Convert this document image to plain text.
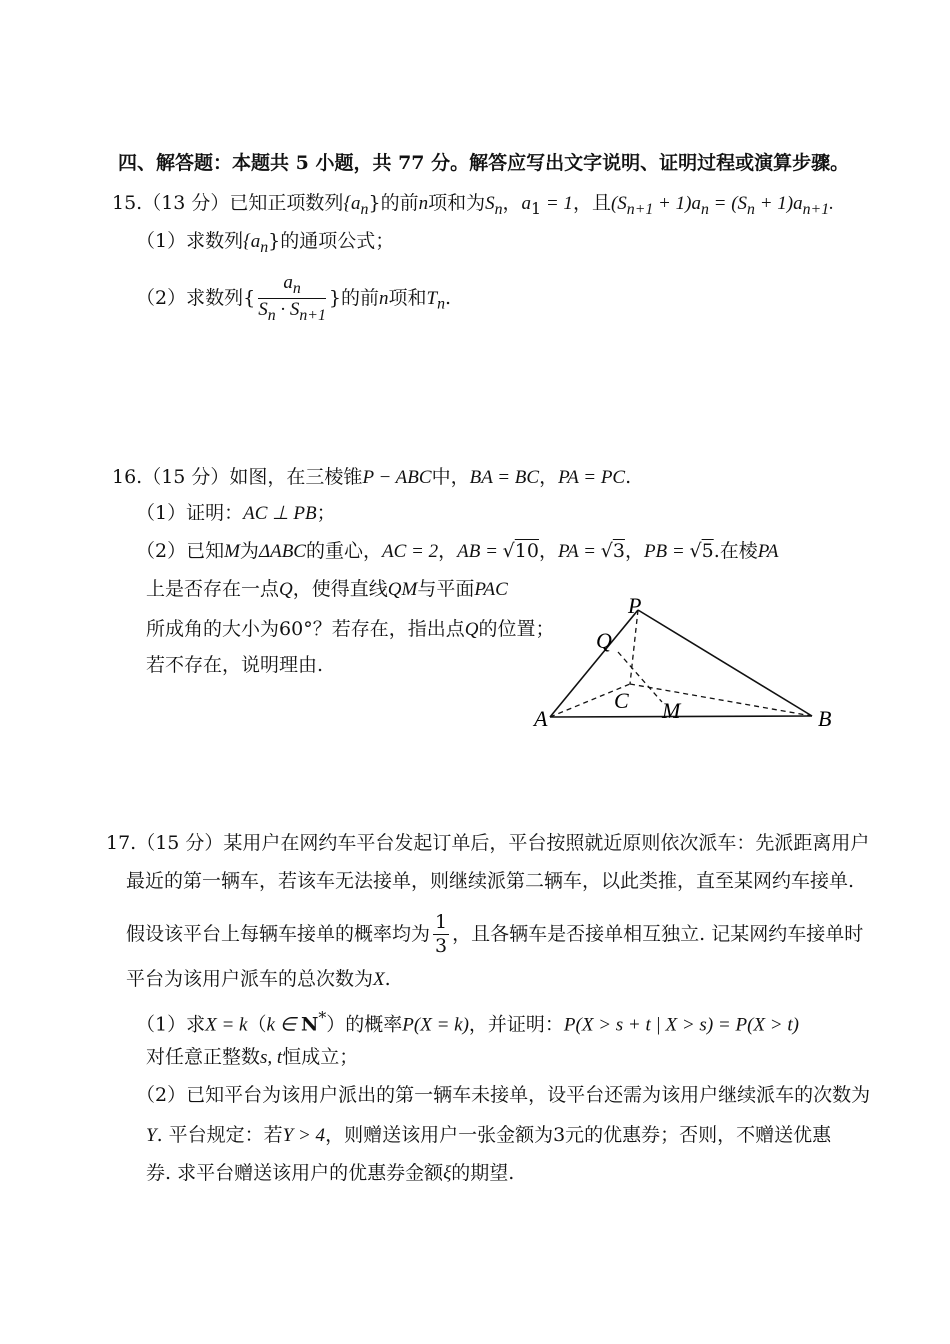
四、解答题：本题共 5 小题，共 77 分。解答应写出文字说明、证明过程或演算步骤。
15.（13 分）已知正项数列$\{a_n\}$的前n项和为$S_n$，$a_1 = 1$，且$(S_{n+1} + 1)a_n = (S_n + 1)a_{n+1}$.
（1）求数列$\{a_n\}$的通项公式；
（2）求数列{ $\frac{a_n}{S_n \cdot S_{n+1}}$ }的前n项和$T_n$.
16.（15 分）如图，在三棱锥P − ABC中，BA = BC，PA = PC.
（1）证明：AC ⊥ PB；
（2）已知M为ΔABC的重心，AC = 2，AB = √10，PA = √3，PB = √5.在棱PA
上是否存在一点Q，使得直线QM与平面PAC
所成角的大小为60°？若存在，指出点Q的位置；
若不存在，说明理由.
P
Q
C M
A	B
17.（15 分）某用户在网约车平台发起订单后，平台按照就近原则依次派车：先派距离用户
最近的第一辆车，若该车无法接单，则继续派第二辆车，以此类推，直至某网约车接单.
假设该平台上每辆车接单的概率均为 $\frac{1}{3}$ ，且各辆车是否接单相互独立. 记某网约车接单时
平台为该用户派车的总次数为X.
（1）求X = k（k ∈ N*）的概率P(X = k)，并证明：P(X > s + t | X > s) = P(X > t)
对任意正整数s, t恒成立；
（2）已知平台为该用户派出的第一辆车未接单，设平台还需为该用户继续派车的次数为
Y. 平台规定：若Y > 4，则赠送该用户一张金额为3元的优惠券；否则，不赠送优惠
券. 求平台赠送该用户的优惠券金额ξ的期望.
